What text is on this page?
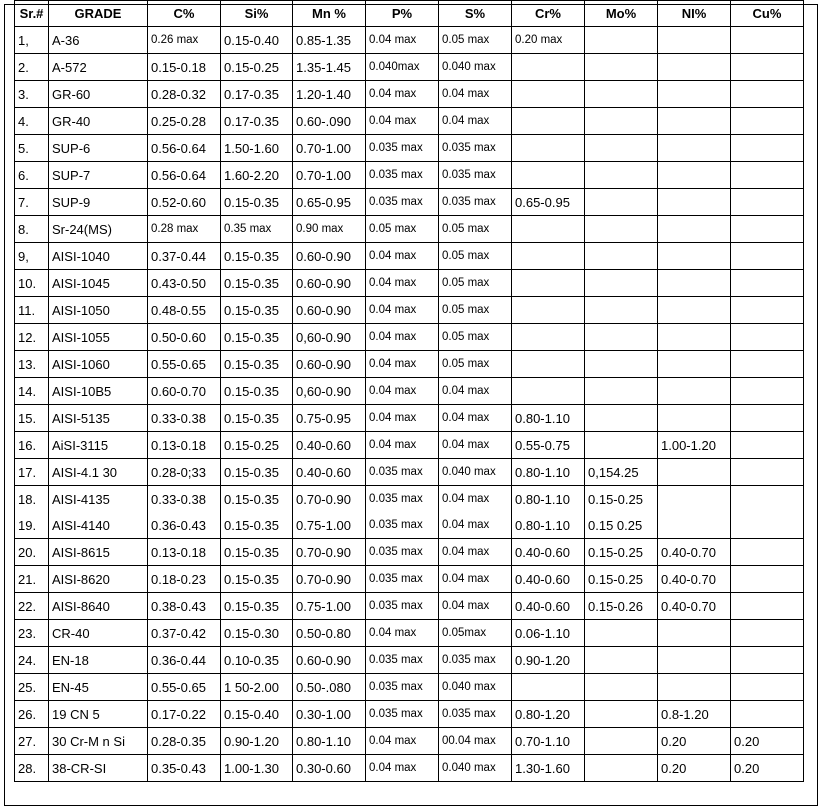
Sr.#	GRADE	C%	Si%	Mn %	P%	S%	Cr%	Mo%	NI%	Cu%
1,	A-36	0.26 max	0.15-0.40	0.85-1.35	0.04 max	0.05 max	0.20 max			
2.	A-572	0.15-0.18	0.15-0.25	1.35-1.45	0.040max	0.040 max				
3.	GR-60	0.28-0.32	0.17-0.35	1.20-1.40	0.04 max	0.04 max				
4.	GR-40	0.25-0.28	0.17-0.35	0.60-.090	0.04 max	0.04 max				
5.	SUP-6	0.56-0.64	1.50-1.60	0.70-1.00	0.035 max	0.035 max				
6.	SUP-7	0.56-0.64	1.60-2.20	0.70-1.00	0.035 max	0.035 max				
7.	SUP-9	0.52-0.60	0.15-0.35	0.65-0.95	0.035 max	0.035 max	0.65-0.95			
8.	Sr-24(MS)	0.28 max	0.35 max	0.90 max	0.05 max	0.05 max				
9,	AISI-1040	0.37-0.44	0.15-0.35	0.60-0.90	0.04 max	0.05 max				
10.	AISI-1045	0.43-0.50	0.15-0.35	0.60-0.90	0.04 max	0.05 max				
11.	AISI-1050	0.48-0.55	0.15-0.35	0.60-0.90	0.04 max	0.05 max				
12.	AISI-1055	0.50-0.60	0.15-0.35	0,60-0.90	0.04 max	0.05 max				
13.	AISI-1060	0.55-0.65	0.15-0.35	0.60-0.90	0.04 max	0.05 max				
14.	AISI-10B5	0.60-0.70	0.15-0.35	0,60-0.90	0.04 max	0.04 max				
15.	AISI-5135	0.33-0.38	0.15-0.35	0.75-0.95	0.04 max	0.04 max	0.80-1.10			
16.	AiSI-3115	0.13-0.18	0.15-0.25	0.40-0.60	0.04 max	0.04 max	0.55-0.75		1.00-1.20	
17.	AISI-4.1 30	0.28-0;33	0.15-0.35	0.40-0.60	0.035 max	0.040 max	0.80-1.10	0,154.25		
18.	AISI-4135	0.33-0.38	0.15-0.35	0.70-0.90	0.035 max	0.04 max	0.80-1.10	0.15-0.25		
19.	AISI-4140	0.36-0.43	0.15-0.35	0.75-1.00	0.035 max	0.04 max	0.80-1.10	0.15 0.25		
20.	AISI-8615	0.13-0.18	0.15-0.35	0.70-0.90	0.035 max	0.04 max	0.40-0.60	0.15-0.25	0.40-0.70	
21.	AISI-8620	0.18-0.23	0.15-0.35	0.70-0.90	0.035 max	0.04 max	0.40-0.60	0.15-0.25	0.40-0.70	
22.	AISI-8640	0.38-0.43	0.15-0.35	0.75-1.00	0.035 max	0.04 max	0.40-0.60	0.15-0.26	0.40-0.70	
23.	CR-40	0.37-0.42	0.15-0.30	0.50-0.80	0.04 max	0.05max	0.06-1.10			
24.	EN-18	0.36-0.44	0.10-0.35	0.60-0.90	0.035 max	0.035 max	0.90-1.20			
25.	EN-45	0.55-0.65	1 50-2.00	0.50-.080	0.035 max	0.040 max				
26.	19 CN 5	0.17-0.22	0.15-0.40	0.30-1.00	0.035 max	0.035 max	0.80-1.20		0.8-1.20	
27.	30 Cr-M n Si	0.28-0.35	0.90-1.20	0.80-1.10	0.04 max	00.04 max	0.70-1.10		0.20	0.20
28.	38-CR-SI	0.35-0.43	1.00-1.30	0.30-0.60	0.04 max	0.040 max	1.30-1.60		0.20	0.20
